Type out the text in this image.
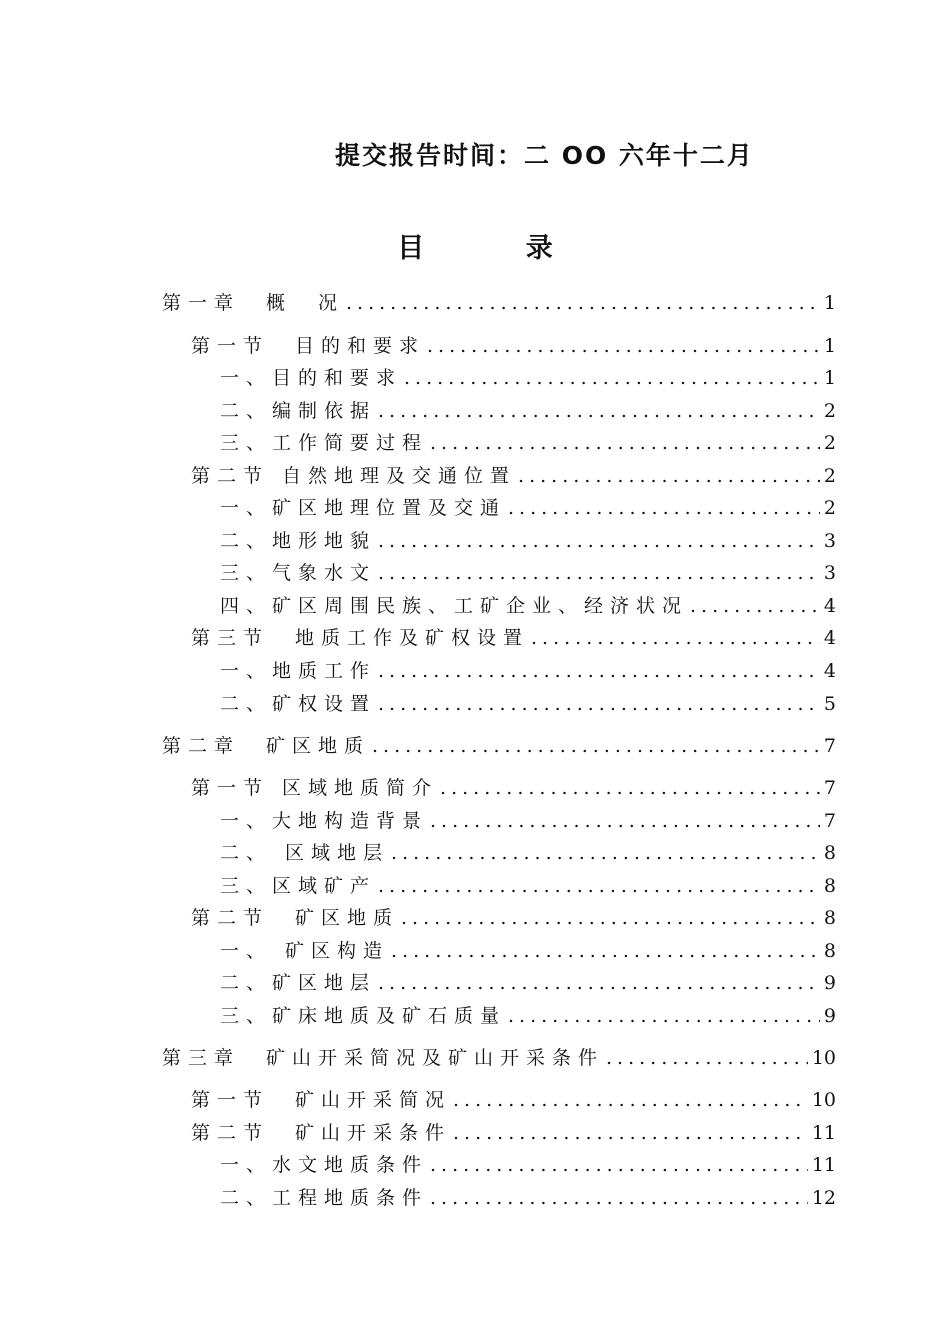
提交报告时间：二 OO 六年十二月
目	录
第一章　概　况 .....	1
第一节　目的和要求 .....	1
一、目的和要求 .....	1
二、编制依据 .....	2
三、工作简要过程 .....	2
第二节 自然地理及交通位置 .....	2
一、矿区地理位置及交通 .....	2
二、地形地貌 .....	3
三、气象水文 .....	3
四、矿区周围民族、工矿企业、经济状况 .....	4
第三节　地质工作及矿权设置 .....	4
一、地质工作 .....	4
二、矿权设置 .....	5
第二章　矿区地质 .....	7
第一节 区域地质简介 .....	7
一、大地构造背景 .....	7
二、 区域地层 .....	8
三、区域矿产 .....	8
第二节　矿区地质 .....	8
一、 矿区构造 .....	8
二、矿区地层 .....	9
三、矿床地质及矿石质量 .....	9
第三章　矿山开采简况及矿山开采条件 .....	10
第一节　矿山开采简况 .....	10
第二节　矿山开采条件 .....	11
一、水文地质条件 .....	11
二、工程地质条件 .....	12
